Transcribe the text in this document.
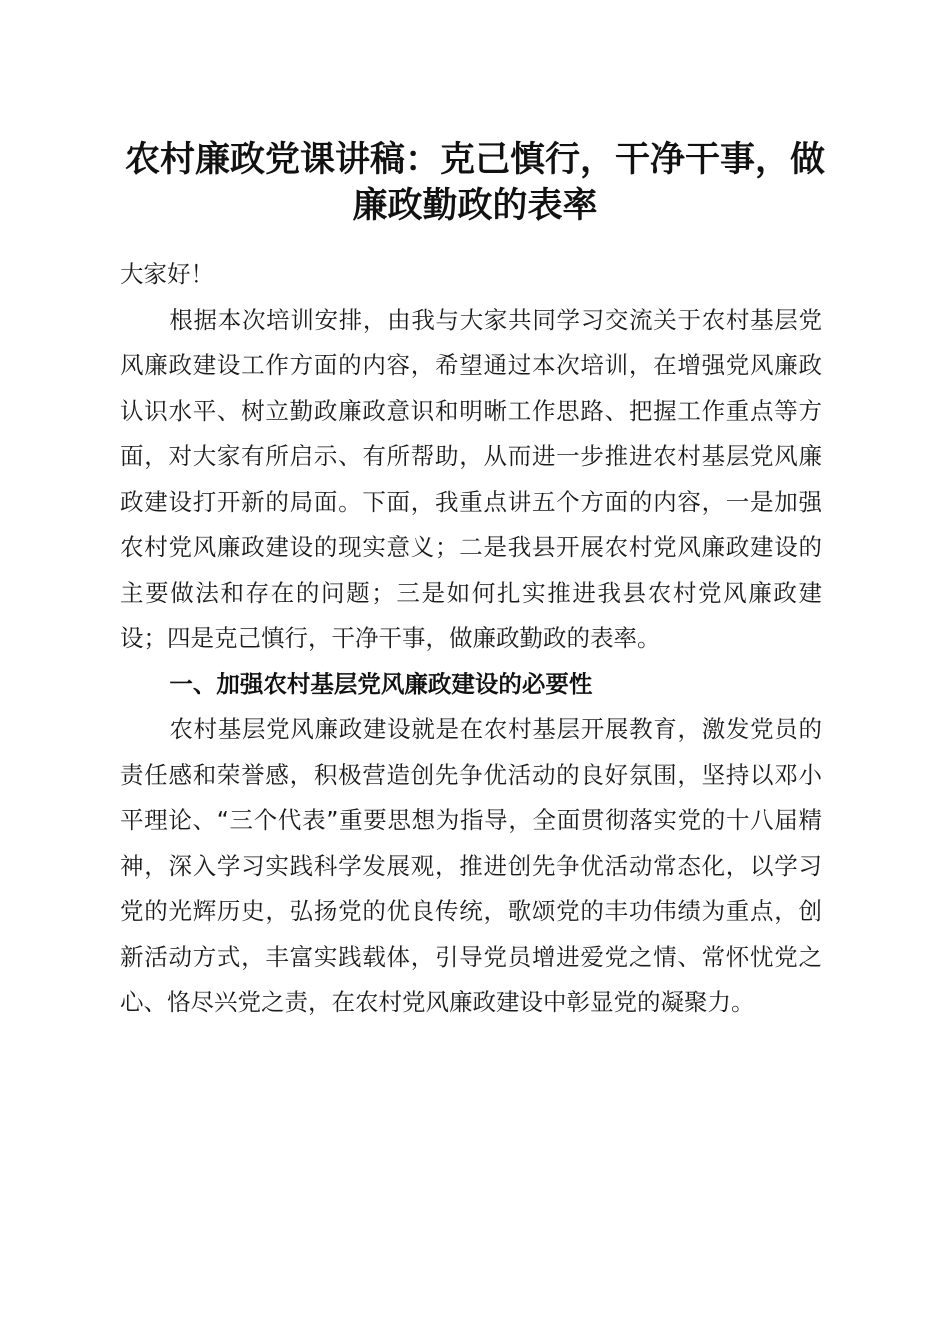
农村廉政党课讲稿：克己慎行，干净干事，做廉政勤政的表率

大家好！

根据本次培训安排，由我与大家共同学习交流关于农村基层党风廉政建设工作方面的内容，希望通过本次培训，在增强党风廉政认识水平、树立勤政廉政意识和明晰工作思路、把握工作重点等方面，对大家有所启示、有所帮助，从而进一步推进农村基层党风廉政建设打开新的局面。下面，我重点讲五个方面的内容，一是加强农村党风廉政建设的现实意义；二是我县开展农村党风廉政建设的主要做法和存在的问题；三是如何扎实推进我县农村党风廉政建设；四是克己慎行，干净干事，做廉政勤政的表率。

一、加强农村基层党风廉政建设的必要性

农村基层党风廉政建设就是在农村基层开展教育，激发党员的责任感和荣誉感，积极营造创先争优活动的良好氛围，坚持以邓小平理论、“三个代表”重要思想为指导，全面贯彻落实党的十八届精神，深入学习实践科学发展观，推进创先争优活动常态化，以学习党的光辉历史，弘扬党的优良传统，歌颂党的丰功伟绩为重点，创新活动方式，丰富实践载体，引导党员增进爱党之情、常怀忧党之心、恪尽兴党之责，在农村党风廉政建设中彰显党的凝聚力。
